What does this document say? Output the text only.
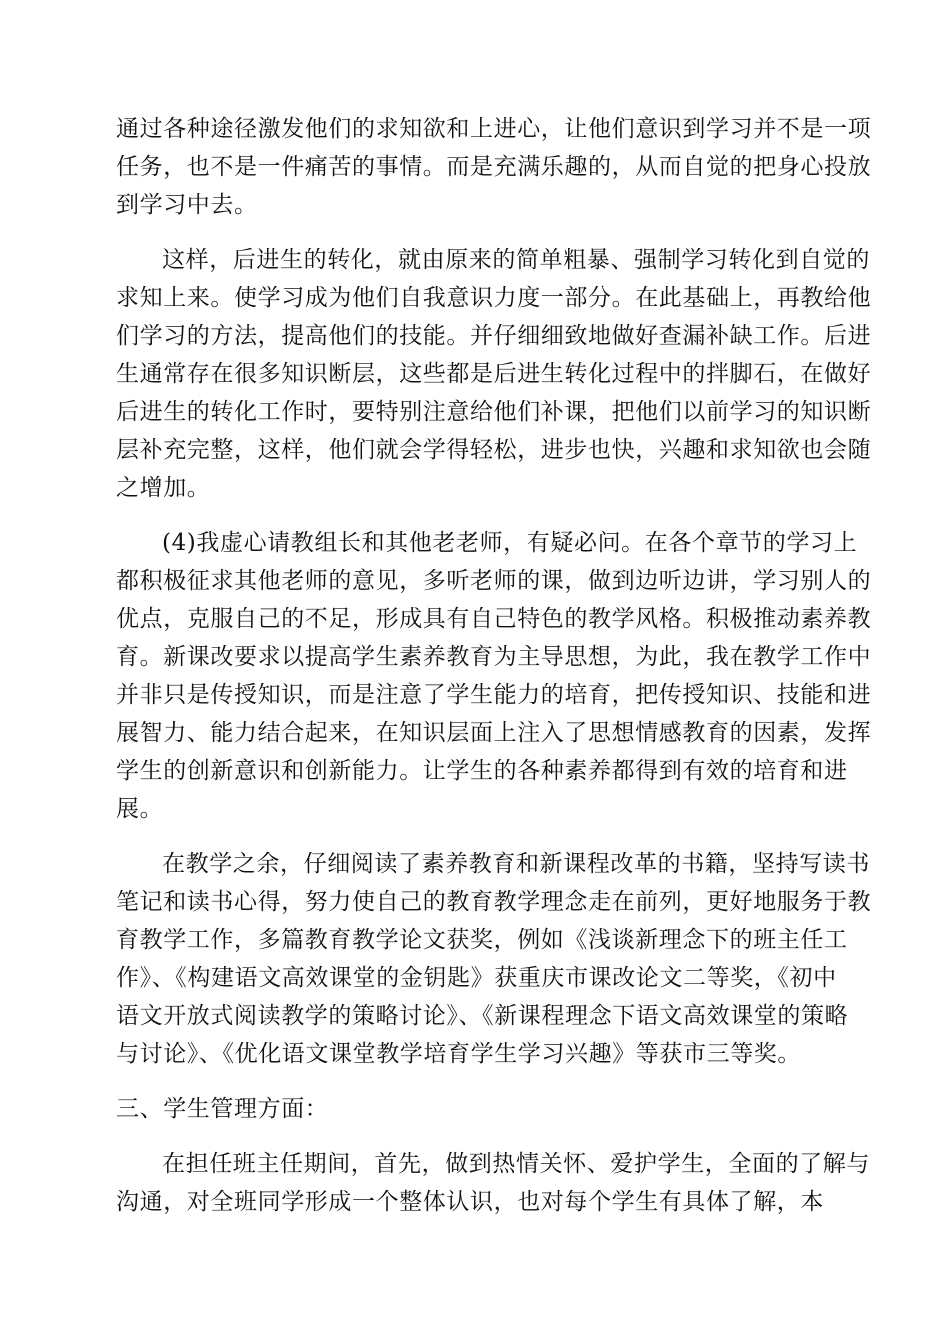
通过各种途径激发他们的求知欲和上进心，让他们意识到学习并不是一项
任务，也不是一件痛苦的事情。而是充满乐趣的，从而自觉的把身心投放
到学习中去。
这样，后进生的转化，就由原来的简单粗暴、强制学习转化到自觉的
求知上来。使学习成为他们自我意识力度一部分。在此基础上，再教给他
们学习的方法，提高他们的技能。并仔细细致地做好查漏补缺工作。后进
生通常存在很多知识断层，这些都是后进生转化过程中的拌脚石，在做好
后进生的转化工作时，要特别注意给他们补课，把他们以前学习的知识断
层补充完整，这样，他们就会学得轻松，进步也快，兴趣和求知欲也会随
之增加。
(4)我虚心请教组长和其他老老师，有疑必问。在各个章节的学习上
都积极征求其他老师的意见，多听老师的课，做到边听边讲，学习别人的
优点，克服自己的不足，形成具有自己特色的教学风格。积极推动素养教
育。新课改要求以提高学生素养教育为主导思想，为此，我在教学工作中
并非只是传授知识，而是注意了学生能力的培育，把传授知识、技能和进
展智力、能力结合起来，在知识层面上注入了思想情感教育的因素，发挥
学生的创新意识和创新能力。让学生的各种素养都得到有效的培育和进
展。
在教学之余，仔细阅读了素养教育和新课程改革的书籍，坚持写读书
笔记和读书心得，努力使自己的教育教学理念走在前列，更好地服务于教
育教学工作，多篇教育教学论文获奖，例如《浅谈新理念下的班主任工
作》、《构建语文高效课堂的金钥匙》获重庆市课改论文二等奖，《初中
语文开放式阅读教学的策略讨论》、《新课程理念下语文高效课堂的策略
与讨论》、《优化语文课堂教学培育学生学习兴趣》等获市三等奖。
三、学生管理方面：
在担任班主任期间，首先，做到热情关怀、爱护学生，全面的了解与
沟通，对全班同学形成一个整体认识，也对每个学生有具体了解，本
